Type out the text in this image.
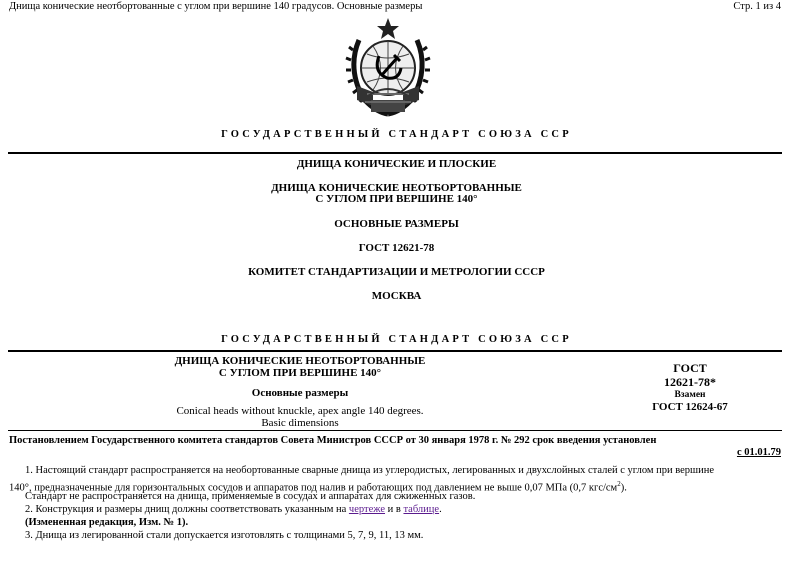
Днища конические неотбортованные с углом при вершине 140 градусов. Основные размеры	Стр. 1 из 4
ГОСУДАРСТВЕННЫЙ СТАНДАРТ СОЮЗА ССР
ДНИЩА КОНИЧЕСКИЕ И ПЛОСКИЕ
ДНИЩА КОНИЧЕСКИЕ НЕОТБОРТОВАННЫЕ
С УГЛОМ ПРИ ВЕРШИНЕ 140°
ОСНОВНЫЕ РАЗМЕРЫ
ГОСТ 12621-78
КОМИТЕТ СТАНДАРТИЗАЦИИ И МЕТРОЛОГИИ СССР
МОСКВА
ГОСУДАРСТВЕННЫЙ СТАНДАРТ СОЮЗА ССР
ДНИЩА КОНИЧЕСКИЕ НЕОТБОРТОВАННЫЕ
С УГЛОМ ПРИ ВЕРШИНЕ 140°
Основные размеры
Conical heads without knuckle, apex angle 140 degrees.
Basic dimensions
ГОСТ
12621-78*
Взамен
ГОСТ 12624-67
Постановлением Государственного комитета стандартов Совета Министров СССР от 30 января 1978 г. № 292 срок введения установлен
с 01.01.79
1. Настоящий стандарт распространяется на необортованные сварные днища из углеродистых, легированных и двухслойных сталей с углом при вершине
140°, предназначенные для горизонтальных сосудов и аппаратов под налив и работающих под давлением не выше 0,07 МПа (0,7 кгс/$см^2$).
Стандарт не распространяется на днища, применяемые в сосудах и аппаратах для сжиженных газов.
2. Конструкция и размеры днищ должны соответствовать указанным на чертеже и в таблице.
(Измененная редакция, Изм. № 1).
3. Днища из легированной стали допускается изготовлять с толщинами 5, 7, 9, 11, 13 мм.
